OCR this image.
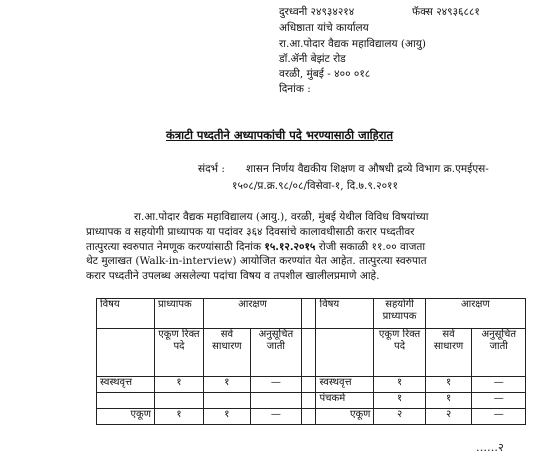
दुरध्वनी २४९३४२१४	फॅक्स २४९३६८८१
अधिष्ठाता यांचे कार्यालय
रा.आ.पोदार वैद्यक महाविद्यालय (आयु)
डॉ.ॲनी बेझंट रोड
वरळी, मुंबई - ४०० ०१८
दिनांक :
कंत्राटी पध्दतीने अध्यापकांची पदे भरण्यासाठी जाहिरात
संदर्भ : शासन निर्णय वैद्यकीय शिक्षण व औषधी द्रव्ये विभाग क्र.एमईएस-
१५०८/प्र.क्र.९८/०८/विसेवा-१, दि.७.९.२०११
रा.आ.पोदार वैद्यक महाविद्यालय (आयु.), वरळी, मुंबई येथील विविध विषयांच्या
प्राध्यापक व सहयोगी प्राध्यापक या पदांवर ३६४ दिवसांचे कालावधीसाठी करार पध्दतीवर
तात्पुरत्या स्वरुपात नेमणूक करण्यांसाठी दिनांक १५.१२.२०१५ रोजी सकाळी ११.०० वाजता
थेट मुलाखत (Walk-in-interview) आयोजित करण्यांत येत आहेत. तात्पुरत्या स्वरुपात
करार पध्दतीने उपलब्ध असलेल्या पदांचा विषय व तपशील खालीलप्रमाणे आहे.
विषय	प्राध्यापक	आरक्षण			विषय	सहयोगी प्राध्यापक	आरक्षण	
	एकूण रिक्त पदे	सर्व साधारण	अनुसूचित जाती			एकूण रिक्त पदे	सर्व साधारण	अनुसूचित जाती
स्वस्थवृत्त	१	१	—		स्वस्थवृत्त	१	१	—
					पंचकर्म	१	१	—
एकूण	१	१	—		एकूण	२	२	—
……२
